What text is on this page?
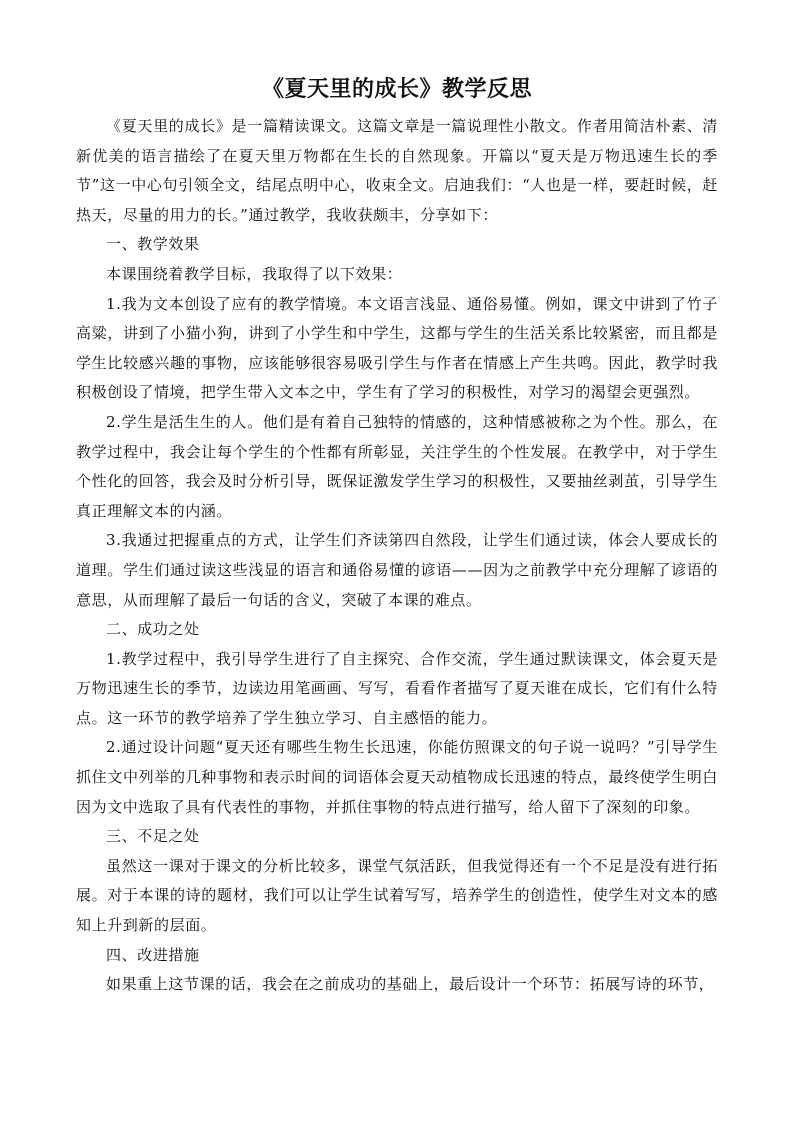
《夏天里的成长》教学反思

《夏天里的成长》是一篇精读课文。这篇文章是一篇说理性小散文。作者用简洁朴素、清新优美的语言描绘了在夏天里万物都在生长的自然现象。开篇以“夏天是万物迅速生长的季节”这一中心句引领全文，结尾点明中心，收束全文。启迪我们：“人也是一样，要赶时候，赶热天，尽量的用力的长。”通过教学，我收获颇丰，分享如下：

一、教学效果

本课围绕着教学目标，我取得了以下效果：

1.我为文本创设了应有的教学情境。本文语言浅显、通俗易懂。例如，课文中讲到了竹子高粱，讲到了小猫小狗，讲到了小学生和中学生，这都与学生的生活关系比较紧密，而且都是学生比较感兴趣的事物，应该能够很容易吸引学生与作者在情感上产生共鸣。因此，教学时我积极创设了情境，把学生带入文本之中，学生有了学习的积极性，对学习的渴望会更强烈。

2.学生是活生生的人。他们是有着自己独特的情感的，这种情感被称之为个性。那么，在教学过程中，我会让每个学生的个性都有所彰显，关注学生的个性发展。在教学中，对于学生个性化的回答，我会及时分析引导，既保证激发学生学习的积极性，又要抽丝剥茧，引导学生真正理解文本的内涵。

3.我通过把握重点的方式，让学生们齐读第四自然段，让学生们通过读，体会人要成长的道理。学生们通过读这些浅显的语言和通俗易懂的谚语——因为之前教学中充分理解了谚语的意思，从而理解了最后一句话的含义，突破了本课的难点。

二、成功之处

1.教学过程中，我引导学生进行了自主探究、合作交流，学生通过默读课文，体会夏天是万物迅速生长的季节，边读边用笔画画、写写，看看作者描写了夏天谁在成长，它们有什么特点。这一环节的教学培养了学生独立学习、自主感悟的能力。

2.通过设计问题“夏天还有哪些生物生长迅速，你能仿照课文的句子说一说吗？”引导学生抓住文中列举的几种事物和表示时间的词语体会夏天动植物成长迅速的特点，最终使学生明白因为文中选取了具有代表性的事物，并抓住事物的特点进行描写，给人留下了深刻的印象。

三、不足之处

虽然这一课对于课文的分析比较多，课堂气氛活跃，但我觉得还有一个不足是没有进行拓展。对于本课的诗的题材，我们可以让学生试着写写，培养学生的创造性，使学生对文本的感知上升到新的层面。

四、改进措施

如果重上这节课的话，我会在之前成功的基础上，最后设计一个环节：拓展写诗的环节，
